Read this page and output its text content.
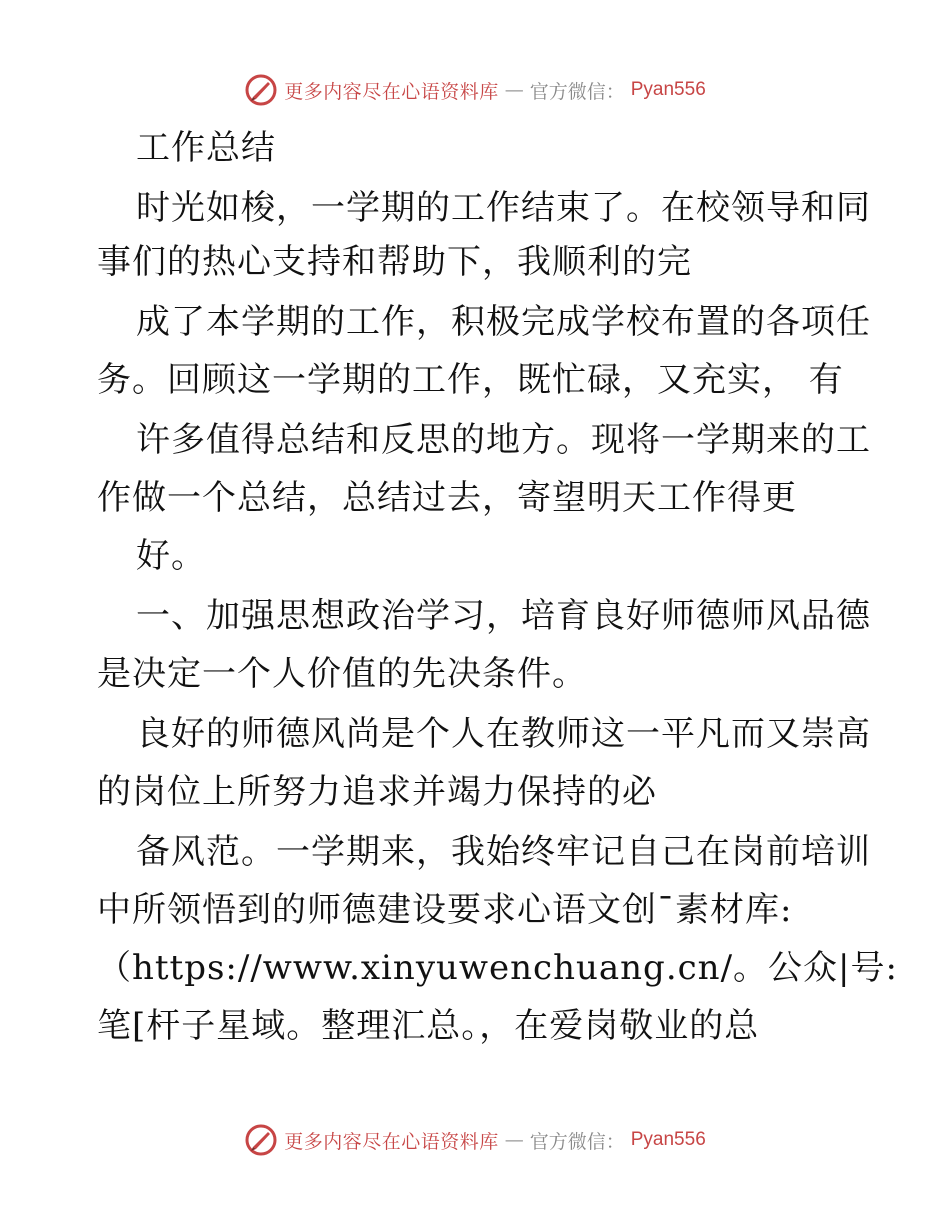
更多内容尽在心语资料库 — 官方微信： Pyan556
工作总结
时光如梭，一学期的工作结束了。在校领导和同
事们的热心支持和帮助下，我顺利的完
成了本学期的工作，积极完成学校布置的各项任
务。回顾这一学期的工作，既忙碌，又充实， 有
许多值得总结和反思的地方。现将一学期来的工
作做一个总结，总结过去，寄望明天工作得更
好。
一、加强思想政治学习，培育良好师德师风品德
是决定一个人价值的先决条件。
良好的师德风尚是个人在教师这一平凡而又崇高
的岗位上所努力追求并竭力保持的必
备风范。一学期来，我始终牢记自己在岗前培训
中所领悟到的师德建设要求心语文创¯素材库:
（https://www.xinyuwenchuang.cn/。公众|号:
笔[杆子星域。整理汇总。，在爱岗敬业的总
更多内容尽在心语资料库 — 官方微信： Pyan556
